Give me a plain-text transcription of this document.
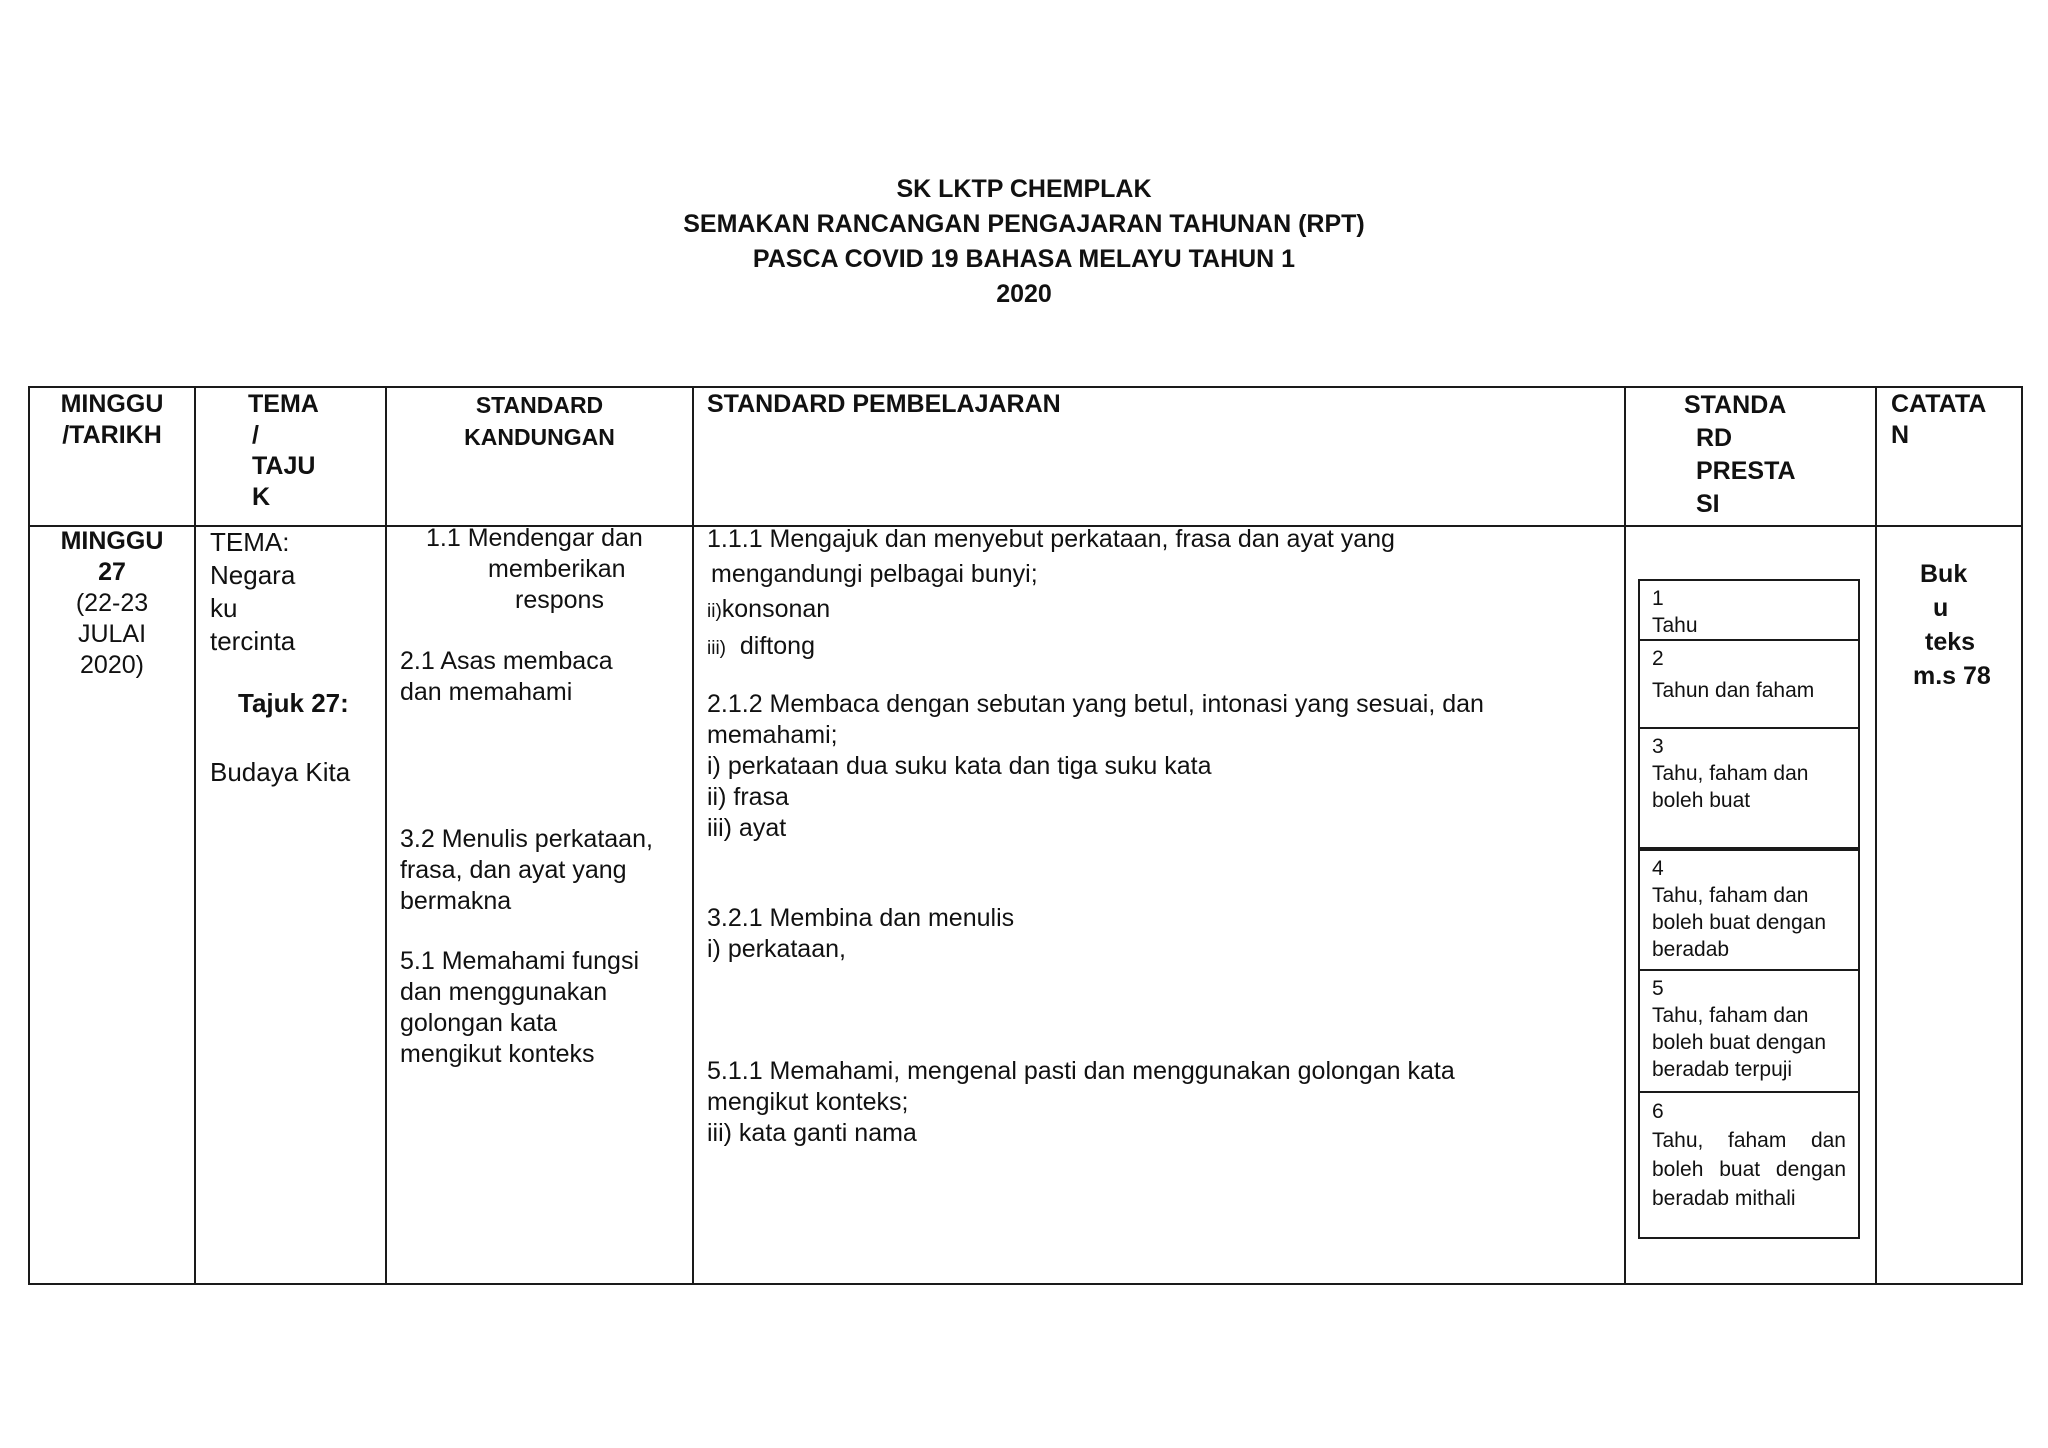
SK LKTP CHEMPLAK
SEMAKAN RANCANGAN PENGAJARAN TAHUNAN (RPT)
PASCA COVID 19 BAHASA MELAYU TAHUN 1
2020
MINGGU
/TARIKH
TEMA
/
TAJU
K
STANDARD
KANDUNGAN
STANDARD PEMBELAJARAN	STANDA
RD
PRESTA
SI
CATATA
N
MINGGU
27
(22-23
JULAI
2020)
TEMA:
Negara
ku
tercinta
Tajuk 27:
Budaya Kita
1.1 Mendengar dan
memberikan
respons
2.1 Asas membaca
dan memahami
3.2 Menulis perkataan,
frasa, dan ayat yang
bermakna
5.1 Memahami fungsi
dan menggunakan
golongan kata
mengikut konteks
1.1.1 Mengajuk dan menyebut perkataan, frasa dan ayat yang
mengandungi pelbagai bunyi;
ii)konsonan
iii) diftong
2.1.2 Membaca dengan sebutan yang betul, intonasi yang sesuai, dan
memahami;
i) perkataan dua suku kata dan tiga suku kata
ii) frasa
iii) ayat
3.2.1 Membina dan menulis
i) perkataan,
5.1.1 Memahami, mengenal pasti dan menggunakan golongan kata
mengikut konteks;
iii) kata ganti nama
1
Tahu
2
Tahun dan faham
3
Tahu, faham dan boleh buat
4
Tahu, faham dan boleh buat dengan beradab
5
Tahu, faham dan boleh buat dengan beradab terpuji
6
Tahu, faham dan boleh buat dengan beradab mithali
Buk
u
teks
m.s 78
